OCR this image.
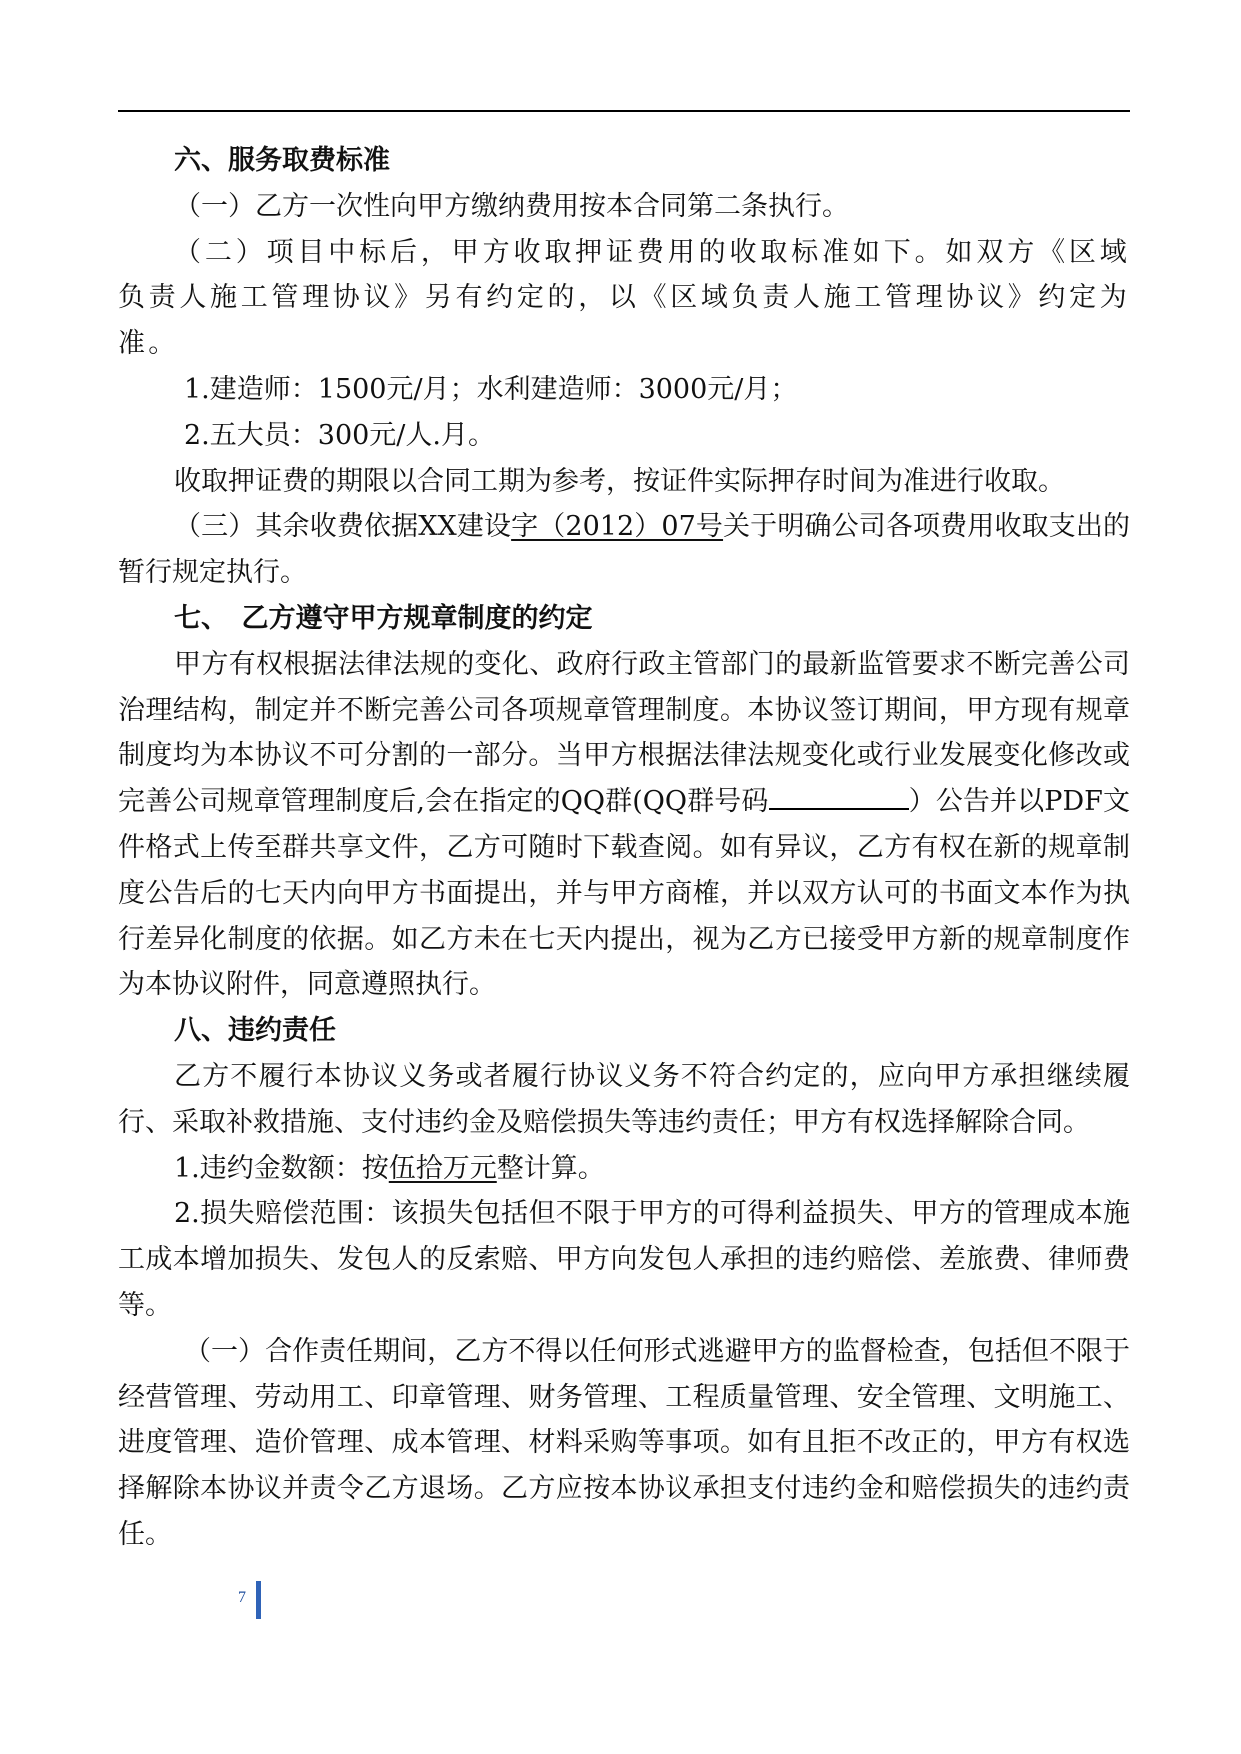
六、服务取费标准

（一）乙方一次性向甲方缴纳费用按本合同第二条执行。

（二）项目中标后，甲方收取押证费用的收取标准如下。如双方《区域负责人施工管理协议》另有约定的，以《区域负责人施工管理协议》约定为准。

1.建造师：1500元/月；水利建造师：3000元/月；

2.五大员：300元/人.月。

收取押证费的期限以合同工期为参考，按证件实际押存时间为准进行收取。

（三）其余收费依据XX建设字（2012）07号关于明确公司各项费用收取支出的暂行规定执行。

七、　乙方遵守甲方规章制度的约定

甲方有权根据法律法规的变化、政府行政主管部门的最新监管要求不断完善公司治理结构，制定并不断完善公司各项规章管理制度。本协议签订期间，甲方现有规章制度均为本协议不可分割的一部分。当甲方根据法律法规变化或行业发展变化修改或完善公司规章管理制度后,会在指定的QQ群(QQ群号码	）公告并以PDF文件格式上传至群共享文件，乙方可随时下载查阅。如有异议，乙方有权在新的规章制度公告后的七天内向甲方书面提出，并与甲方商榷，并以双方认可的书面文本作为执行差异化制度的依据。如乙方未在七天内提出，视为乙方已接受甲方新的规章制度作为本协议附件，同意遵照执行。

八、违约责任

乙方不履行本协议义务或者履行协议义务不符合约定的，应向甲方承担继续履行、采取补救措施、支付违约金及赔偿损失等违约责任；甲方有权选择解除合同。

1.违约金数额：按伍拾万元整计算。

2.损失赔偿范围：该损失包括但不限于甲方的可得利益损失、甲方的管理成本施工成本增加损失、发包人的反索赔、甲方向发包人承担的违约赔偿、差旅费、律师费等。

（一）合作责任期间，乙方不得以任何形式逃避甲方的监督检查，包括但不限于经营管理、劳动用工、印章管理、财务管理、工程质量管理、安全管理、文明施工、进度管理、造价管理、成本管理、材料采购等事项。如有且拒不改正的，甲方有权选择解除本协议并责令乙方退场。乙方应按本协议承担支付违约金和赔偿损失的违约责任。

7
